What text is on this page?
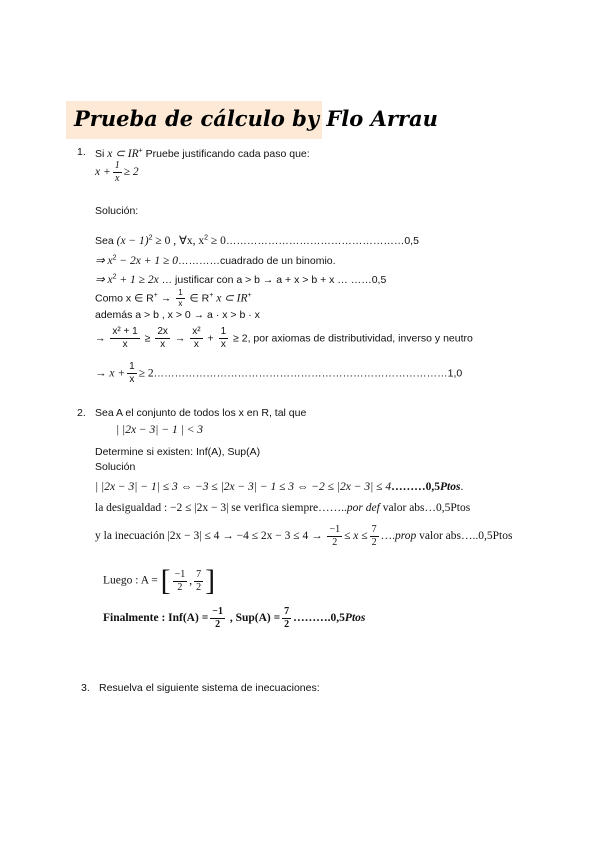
Prueba de cálculo by Flo Arrau
1. Si x ⊂ IR+ Pruebe justificando cada paso que:
$x + \frac{1}{x} \ge 2$
Solución:
Sea $(x - 1)^2 \ge 0$ , ∀x, $x^2$ ≥ 0……………………………………………0,5
⇒ $x^2 - 2x + 1$ ≥ 0…………cuadrado de un binomio.
⇒ $x^2 + 1 \ge 2x$ … justificar con a > b → a + x > b + x … ……0,5
Como x ∈ $R^+ \to \frac{1}{x}$ ∈ R+ x ⊂ IR+
además a > b , x > 0 → a · x > b · x
→ $\frac{\text{x² + 1}}{x} \ge \frac{2x}{x} \to \frac{\text{x²}}{x} + \frac{1}{x} \ge 2$, por axiomas de distributividad, inverso y neutro
→ $x + \frac{1}{x}$ ≥ 2…………………………………………………………………………1,0
2. Sea A el conjunto de todos los x en R, tal que
| |2x − 3| − 1 | < 3
Determine si existen: Inf(A), Sup(A)
Solución
| |2x − 3| − 1| ≤ 3 ⇔ −3 ≤ |2x − 3| − 1 ≤ 3 ⇔ −2 ≤ |2x − 3| ≤ 4………0,5Ptos.
la desigualdad : −2 ≤ |2x − 3| se verifica siempre……..por def valor abs…0,5Ptos
y la inecuación $|2x - 3| \le 4 \to -4 \le 2x - 3 \le 4 \to \frac{-1}{2} \le x \le \frac{7}{2}$ ….prop valor abs…..0,5Ptos
Luego : A = [ $\frac{-1}{2}$ , $\frac{7}{2}$ ]
Finalmente : $Inf(A) = \frac{-1}{2}$ , $Sup(A) = \frac{7}{2}$ ……….0,5Ptos
3. Resuelva el siguiente sistema de inecuaciones:
